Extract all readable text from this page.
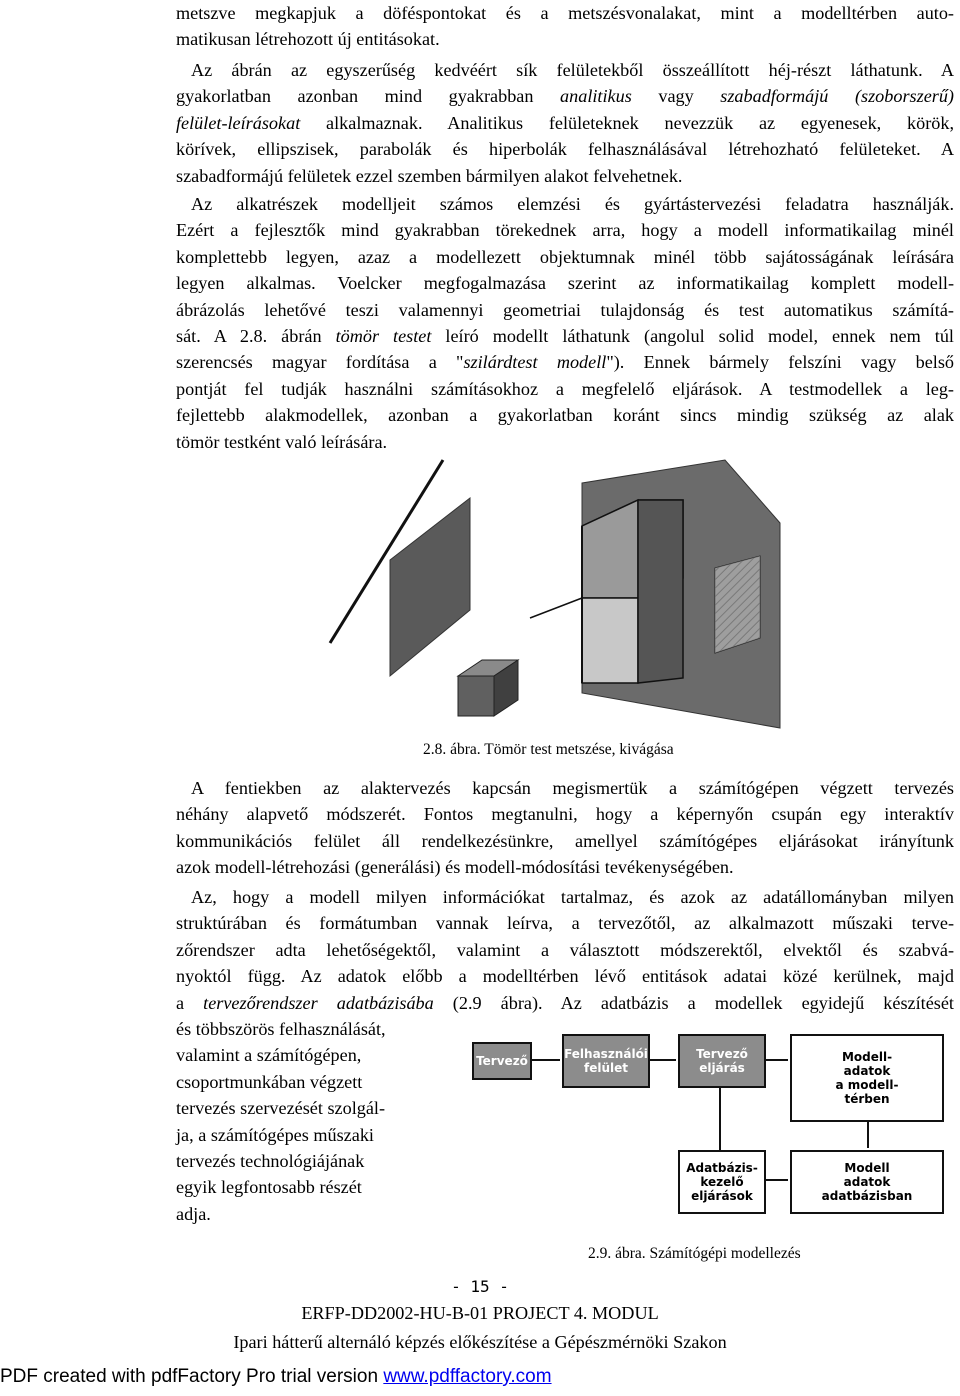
metszve megkapjuk a döféspontokat és a metszésvonalakat, mint a modelltérben auto-
matikusan létrehozott új entitásokat.
Az ábrán az egyszerűség kedvéért sík felületekből összeállított héj-részt láthatunk. A
gyakorlatban azonban mind gyakrabban analitikus vagy szabadformájú (szoborszerű)
felület-leírásokat alkalmaznak. Analitikus felületeknek nevezzük az egyenesek, körök,
körívek, ellipszisek, parabolák és hiperbolák felhasználásával létrehozható felületeket. A
szabadformájú felületek ezzel szemben bármilyen alakot felvehetnek.
Az alkatrészek modelljeit számos elemzési és gyártástervezési feladatra használják.
Ezért a fejlesztők mind gyakrabban törekednek arra, hogy a modell informatikailag minél
komplettebb legyen, azaz a modellezett objektumnak minél több sajátosságának leírására
legyen alkalmas. Voelcker megfogalmazása szerint az informatikailag komplett modell-
ábrázolás lehetővé teszi valamennyi geometriai tulajdonság és test automatikus számítá-
sát. A 2.8. ábrán tömör testet leíró modellt láthatunk (angolul solid model, ennek nem túl
szerencsés magyar fordítása a "szilárdtest modell"). Ennek bármely felszíni vagy belső
pontját fel tudják használni számításokhoz a megfelelő eljárások. A testmodellek a leg-
fejlettebb alakmodellek, azonban a gyakorlatban koránt sincs mindig szükség az alak
tömör testként való leírására.
2.8. ábra. Tömör test metszése, kivágása
A fentiekben az alaktervezés kapcsán megismertük a számítógépen végzett tervezés
néhány alapvető módszerét. Fontos megtanulni, hogy a képernyőn csupán egy interaktív
kommunikációs felület áll rendelkezésünkre, amellyel számítógépes eljárásokat irányítunk
azok modell-létrehozási (generálási) és modell-módosítási tevékenységében.
Az, hogy a modell milyen információkat tartalmaz, és azok az adatállományban milyen
struktúrában és formátumban vannak leírva, a tervezőtől, az alkalmazott műszaki terve-
zőrendszer adta lehetőségektől, valamint a választott módszerektől, elvektől és szabvá-
nyoktól függ. Az adatok előbb a modelltérben lévő entitások adatai közé kerülnek, majd
a tervezőrendszer adatbázisába (2.9 ábra). Az adatbázis a modellek egyidejű készítését
és többszörös felhasználását,
valamint a számítógépen,
csoportmunkában végzett
tervezés szervezését szolgál-
ja, a számítógépes műszaki
tervezés technológiájának
egyik legfontosabb részét
adja.
Tervező	Felhasználói
felület
Tervező
eljárás
Modell-
adatok
a modell-
térben
Adatbázis-
kezelő
eljárások
Modell
adatok
adatbázisban
2.9. ábra. Számítógépi modellezés
- 15 -
ERFP-DD2002-HU-B-01 PROJECT 4. MODUL
Ipari hátterű alternáló képzés előkészítése a Gépészmérnöki Szakon
PDF created with pdfFactory Pro trial version www.pdffactory.com
